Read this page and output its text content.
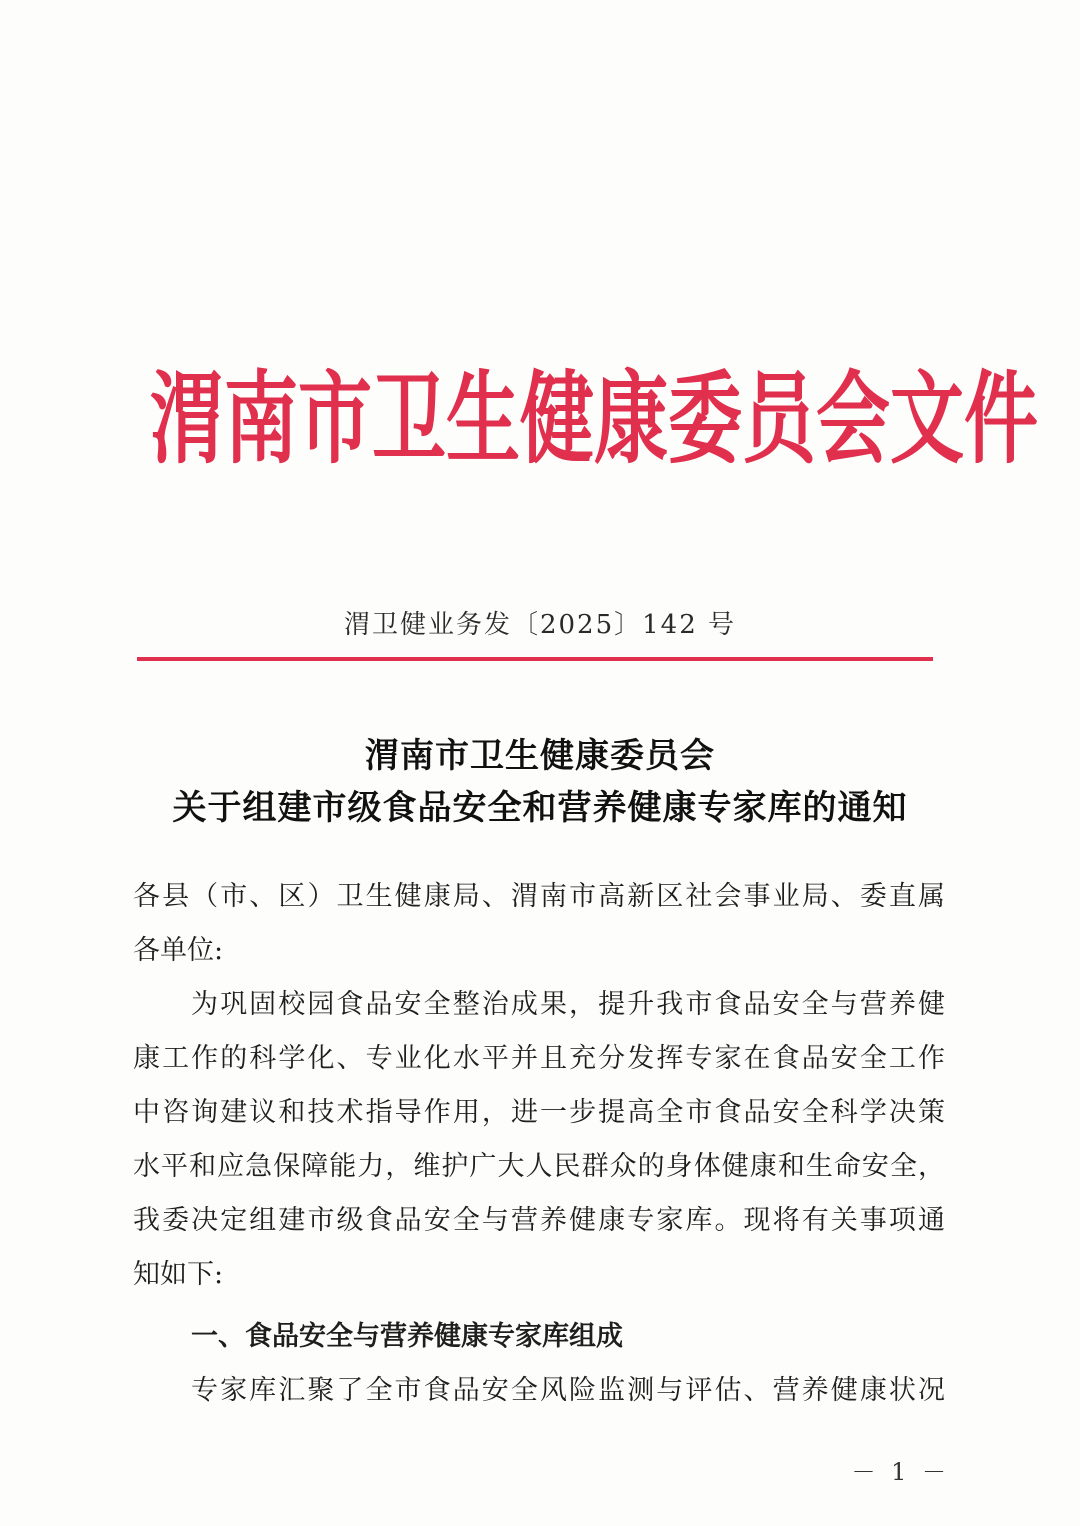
渭 南 市 卫 生 健 康 委 员 会 文 件
渭卫健业务发〔2025〕142 号
渭南市卫生健康委员会
关于组建市级食品安全和营养健康专家库的通知
各县（市、区）卫生健康局、渭南市高新区社会事业局、委直属
各单位:
为巩固校园食品安全整治成果，提升我市食品安全与营养健
康工作的科学化、专业化水平并且充分发挥专家在食品安全工作
中咨询建议和技术指导作用，进一步提高全市食品安全科学决策
水平和应急保障能力，维护广大人民群众的身体健康和生命安全，
我委决定组建市级食品安全与营养健康专家库。现将有关事项通
知如下:
一、食品安全与营养健康专家库组成
专家库汇聚了全市食品安全风险监测与评估、营养健康状况
－ 1 －
